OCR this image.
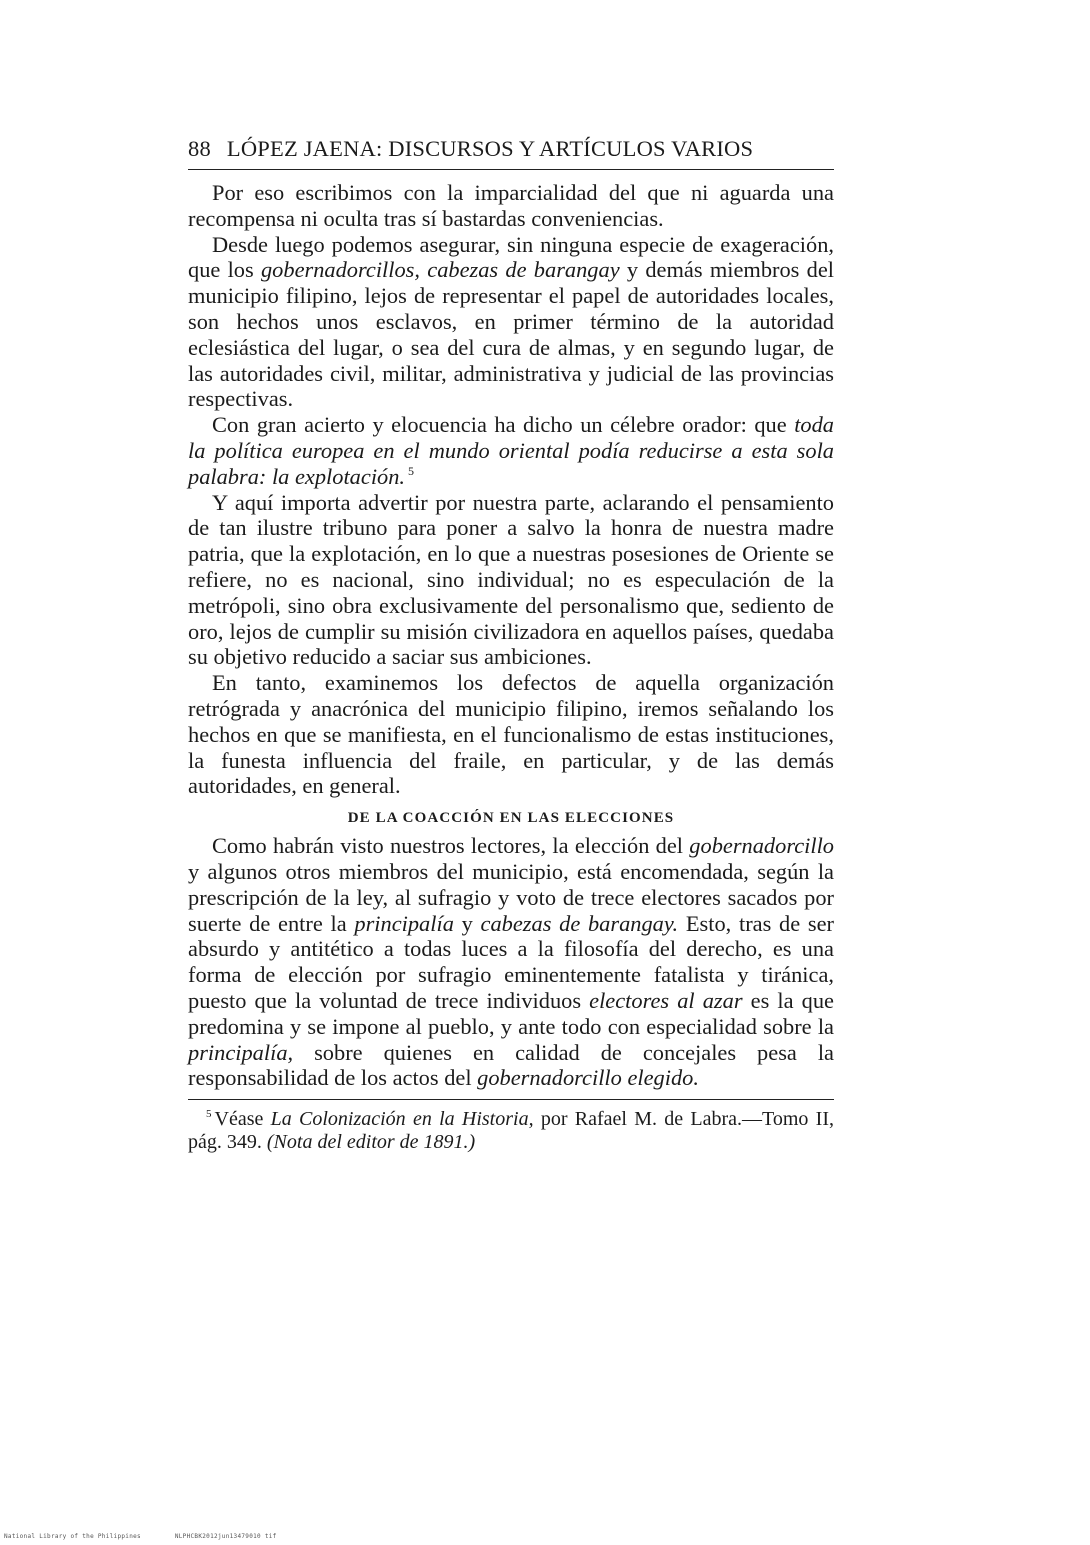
88 LÓPEZ JAENA: DISCURSOS Y ARTÍCULOS VARIOS

Por eso escribimos con la imparcialidad del que ni aguarda una recompensa ni oculta tras sí bastardas conveniencias.

Desde luego podemos asegurar, sin ninguna especie de exageración, que los gobernadorcillos, cabezas de barangay y demás miembros del municipio filipino, lejos de representar el papel de autoridades locales, son hechos unos esclavos, en primer término de la autoridad eclesiástica del lugar, o sea del cura de almas, y en segundo lugar, de las autoridades civil, militar, administrativa y judicial de las provincias respectivas.

Con gran acierto y elocuencia ha dicho un célebre orador: que toda la política europea en el mundo oriental podía reducirse a esta sola palabra: la explotación. $^5$

Y aquí importa advertir por nuestra parte, aclarando el pensamiento de tan ilustre tribuno para poner a salvo la honra de nuestra madre patria, que la explotación, en lo que a nuestras posesiones de Oriente se refiere, no es nacional, sino individual; no es especulación de la metrópoli, sino obra exclusivamente del personalismo que, sediento de oro, lejos de cumplir su misión civilizadora en aquellos países, quedaba su objetivo reducido a saciar sus ambiciones.

En tanto, examinemos los defectos de aquella organización retrógrada y anacrónica del municipio filipino, iremos señalando los hechos en que se manifiesta, en el funcionalismo de estas instituciones, la funesta influencia del fraile, en particular, y de las demás autoridades, en general.

DE LA COACCIÓN EN LAS ELECCIONES

Como habrán visto nuestros lectores, la elección del gobernadorcillo y algunos otros miembros del municipio, está encomendada, según la prescripción de la ley, al sufragio y voto de trece electores sacados por suerte de entre la principalía y cabezas de barangay. Esto, tras de ser absurdo y antitético a todas luces a la filosofía del derecho, es una forma de elección por sufragio eminentemente fatalista y tiránica, puesto que la voluntad de trece individuos electores al azar es la que predomina y se impone al pueblo, y ante todo con especialidad sobre la principalía, sobre quienes en calidad de concejales pesa la responsabilidad de los actos del gobernadorcillo elegido.

$^5$ Véase La Colonización en la Historia, por Rafael M. de Labra.—Tomo II, pág. 349. (Nota del editor de 1891.)

National Library of the Philippines	NLPHCBK2012jun13479010 tif
